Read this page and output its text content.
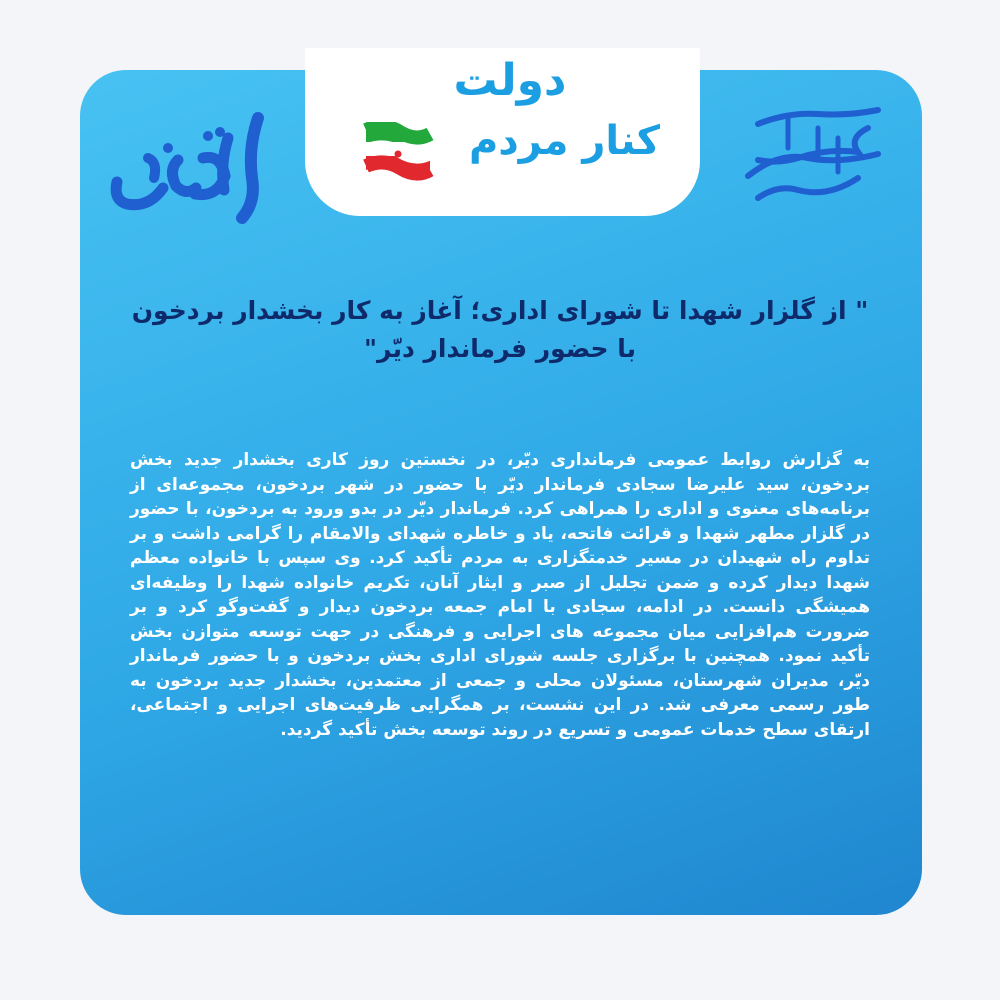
دولت
کنار مردم
" از گلزار شهدا تا شورای اداری؛ آغاز به کار بخشدار بردخون
با حضور فرماندار دیّر"
به گزارش روابط عمومی فرمانداری دیّر، در نخستین روز کاری بخشدار جدید بخش بردخون، سید علیرضا سجادی فرماندار دیّر با حضور در شهر بردخون، مجموعه‌ای از برنامه‌های معنوی و اداری را همراهی کرد. فرماندار دیّر در بدو ورود به بردخون، با حضور در گلزار مطهر شهدا و قرائت فاتحه، یاد و خاطره شهدای والامقام را گرامی داشت و بر تداوم راه شهیدان در مسیر خدمتگزاری به مردم تأکید کرد. وی سپس با خانواده معظم شهدا دیدار کرده و ضمن تجلیل از صبر و ایثار آنان، تکریم خانواده شهدا را وظیفه‌ای همیشگی دانست. در ادامه، سجادی با امام جمعه بردخون دیدار و گفت‌وگو کرد و بر ضرورت هم‌افزایی میان مجموعه های اجرایی و فرهنگی در جهت توسعه متوازن بخش تأکید نمود. همچنین با برگزاری جلسه شورای اداری بخش بردخون و با حضور فرماندار دیّر، مدیران شهرستان، مسئولان محلی و جمعی از معتمدین، بخشدار جدید بردخون به طور رسمی معرفی شد. در این نشست، بر همگرایی ظرفیت‌های اجرایی و اجتماعی، ارتقای سطح خدمات عمومی و تسریع در روند توسعه بخش تأکید گردید.
